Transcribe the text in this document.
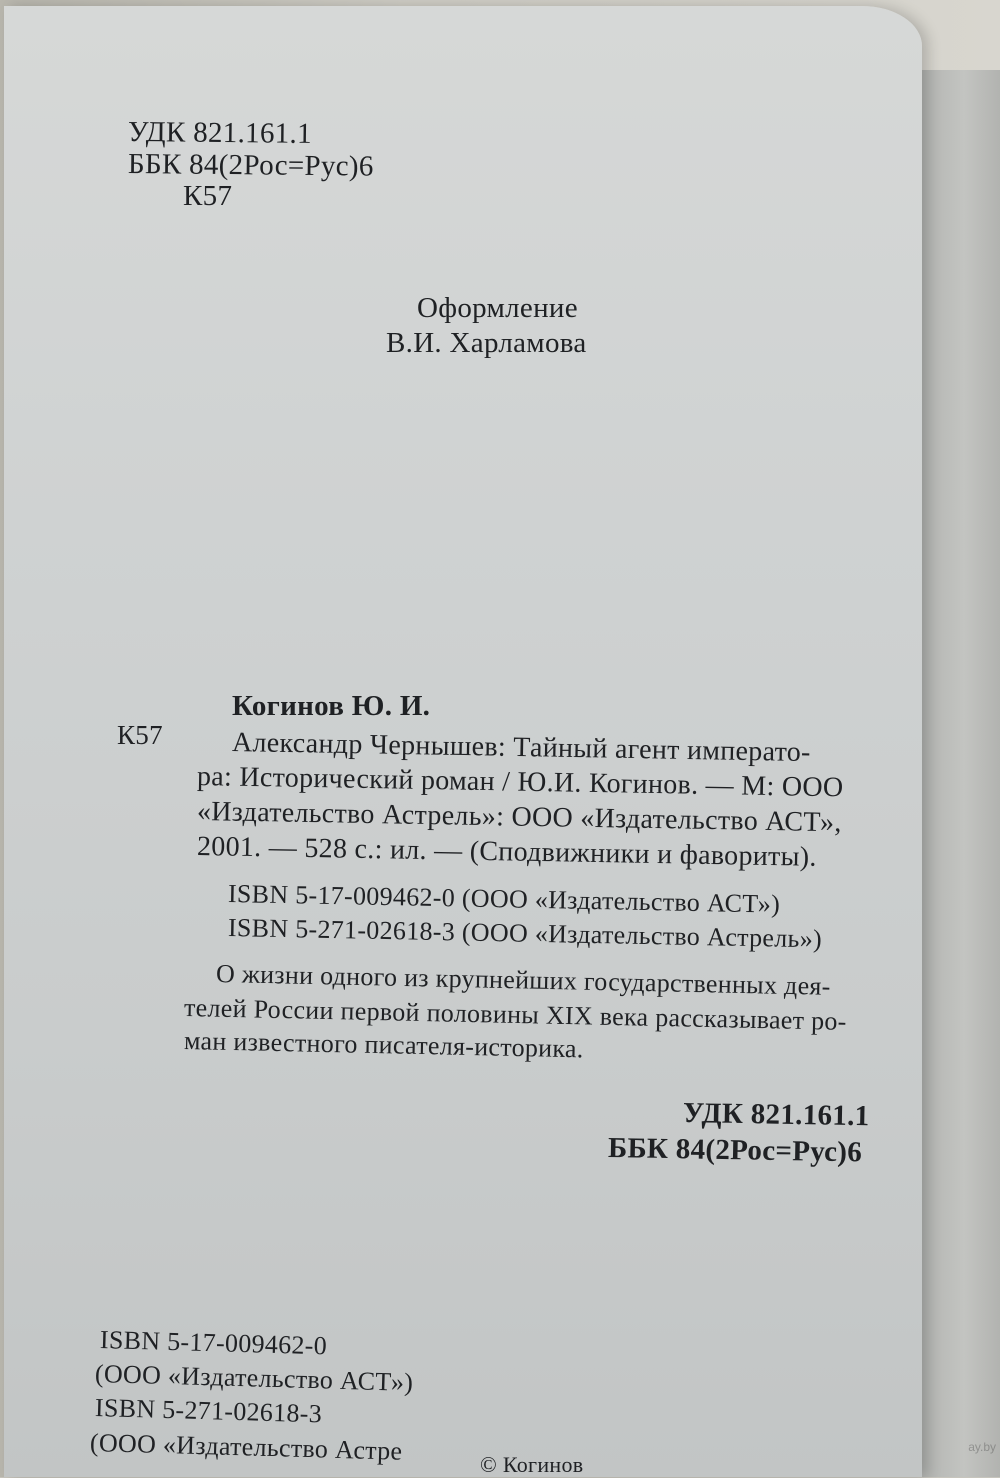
УДК 821.161.1
ББК 84(2Рос=Рус)6
К57
Оформление
В.И. Харламова
Когинов Ю. И.
К57 Александр Чернышев: Тайный агент императо-
ра: Исторический роман / Ю.И. Когинов. — М: ООО
«Издательство Астрель»: ООО «Издательство АСТ»,
2001. — 528 с.: ил. — (Сподвижники и фавориты).
ISBN 5-17-009462-0 (ООО «Издательство АСТ»)
ISBN 5-271-02618-3 (ООО «Издательство Астрель»)
О жизни одного из крупнейших государственных дея-
телей России первой половины XIX века рассказывает ро-
ман известного писателя-историка.
УДК 821.161.1
ББК 84(2Рос=Рус)6
ISBN 5-17-009462-0
(ООО «Издательство АСТ»)
ISBN 5-271-02618-3
(ООО «Издательство Астре	© Когинов
ay.by
